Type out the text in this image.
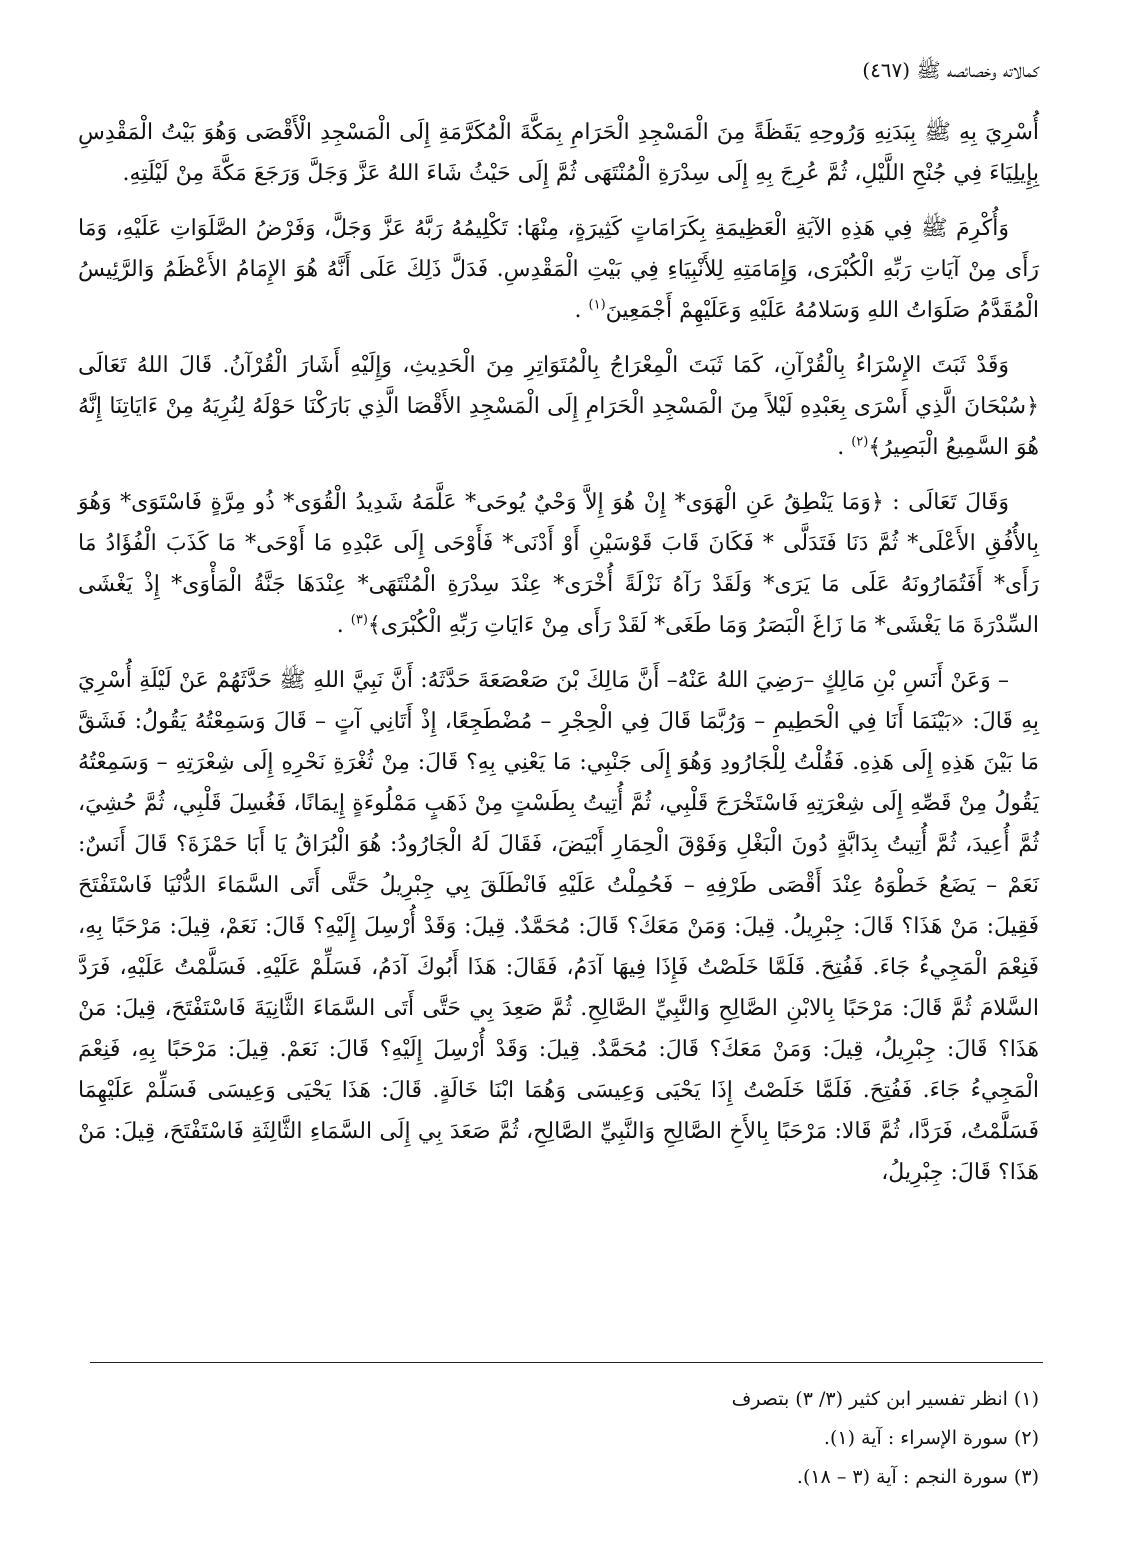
كمالاته وخصائصه ﷺ (٤٦٧)

أُسْرِيَ بِهِ ﷺ بِبَدَنِهِ وَرُوحِهِ يَقَظَةً مِنَ الْمَسْجِدِ الْحَرَامِ بِمَكَّةَ الْمُكَرَّمَةِ إِلَى الْمَسْجِدِ الْأَقْصَى وَهُوَ بَيْتُ الْمَقْدِسِ بِإِيلِيَاءَ فِي جُنْحِ اللَّيْلِ، ثُمَّ عُرِجَ بِهِ إِلَى سِدْرَةِ الْمُنْتَهَى ثُمَّ إِلَى حَيْثُ شَاءَ اللهُ عَزَّ وَجَلَّ وَرَجَعَ مَكَّةَ مِنْ لَيْلَتِهِ.

وَأُكْرِمَ ﷺ فِي هَذِهِ الآيَةِ الْعَظِيمَةِ بِكَرَامَاتٍ كَثِيرَةٍ، مِنْهَا: تَكْلِيمُهُ رَبَّهُ عَزَّ وَجَلَّ، وَفَرْضُ الصَّلَوَاتِ عَلَيْهِ، وَمَا رَأَى مِنْ آيَاتِ رَبِّهِ الْكُبْرَى، وَإِمَامَتِهِ لِلأَنْبِيَاءِ فِي بَيْتِ الْمَقْدِسِ. فَدَلَّ ذَلِكَ عَلَى أَنَّهُ هُوَ الإِمَامُ الأَعْظَمُ وَالرَّئِيسُ الْمُقَدَّمُ صَلَوَاتُ اللهِ وَسَلامُهُ عَلَيْهِ وَعَلَيْهِمْ أَجْمَعِينَ$^{(١)}$ .

وَقَدْ ثَبَتَ الإِسْرَاءُ بِالْقُرْآنِ، كَمَا ثَبَتَ الْمِعْرَاجُ بِالْمُتَوَاتِرِ مِنَ الْحَدِيثِ، وَإِلَيْهِ أَشَارَ الْقُرْآنُ. قَالَ اللهُ تَعَالَى ﴿سُبْحَانَ الَّذِي أَسْرَى بِعَبْدِهِ لَيْلاً مِنَ الْمَسْجِدِ الْحَرَامِ إِلَى الْمَسْجِدِ الأَقْصَا الَّذِي بَارَكْنَا حَوْلَهُ لِنُرِيَهُ مِنْ ءَايَاتِنَا إِنَّهُ هُوَ السَّمِيعُ الْبَصِيرُ﴾$^{(٢)}$ .

وَقَالَ تَعَالَى : ﴿وَمَا يَنْطِقُ عَنِ الْهَوَى* إِنْ هُوَ إِلاَّ وَحْيٌ يُوحَى* عَلَّمَهُ شَدِيدُ الْقُوَى* ذُو مِرَّةٍ فَاسْتَوَى* وَهُوَ بِالأُفُقِ الأَعْلَى* ثُمَّ دَنَا فَتَدَلَّى * فَكَانَ قَابَ قَوْسَيْنِ أَوْ أَدْنَى* فَأَوْحَى إِلَى عَبْدِهِ مَا أَوْحَى* مَا كَذَبَ الْفُؤَادُ مَا رَأَى* أَفَتُمَارُونَهُ عَلَى مَا يَرَى* وَلَقَدْ رَآهُ نَزْلَةً أُخْرَى* عِنْدَ سِدْرَةِ الْمُنْتَهَى* عِنْدَهَا جَنَّةُ الْمَأْوَى* إِذْ يَغْشَى السِّدْرَةَ مَا يَغْشَى* مَا زَاغَ الْبَصَرُ وَمَا طَغَى* لَقَدْ رَأَى مِنْ ءَايَاتِ رَبِّهِ الْكُبْرَى﴾$^{(٣)}$ .

– وَعَنْ أَنَسِ بْنِ مَالِكٍ –رَضِيَ اللهُ عَنْهُ– أَنَّ مَالِكَ بْنَ صَعْصَعَةَ حَدَّثَهُ: أَنَّ نَبِيَّ اللهِ ﷺ حَدَّثَهُمْ عَنْ لَيْلَةِ أُسْرِيَ بِهِ قَالَ: «بَيْنَمَا أَنَا فِي الْحَطِيمِ – وَرُبَّمَا قَالَ فِي الْحِجْرِ – مُضْطَجِعًا، إِذْ أَتَانِي آتٍ – قَالَ وَسَمِعْتُهُ يَقُولُ: فَشَقَّ مَا بَيْنَ هَذِهِ إِلَى هَذِهِ. فَقُلْتُ لِلْجَارُودِ وَهُوَ إِلَى جَنْبِي: مَا يَعْنِي بِهِ؟ قَالَ: مِنْ ثُغْرَةِ نَحْرِهِ إِلَى شِعْرَتِهِ – وَسَمِعْتُهُ يَقُولُ مِنْ قَصِّهِ إِلَى شِعْرَتِهِ فَاسْتَخْرَجَ قَلْبِي، ثُمَّ أُتِيتُ بِطَسْتٍ مِنْ ذَهَبٍ مَمْلُوءَةٍ إِيمَانًا، فَغُسِلَ قَلْبِي، ثُمَّ حُشِيَ، ثُمَّ أُعِيدَ، ثُمَّ أُتِيتُ بِدَابَّةٍ دُونَ الْبَغْلِ وَفَوْقَ الْحِمَارِ أَبْيَضَ، فَقَالَ لَهُ الْجَارُودُ: هُوَ الْبُرَاقُ يَا أَبَا حَمْزَةَ؟ قَالَ أَنَسٌ: نَعَمْ – يَضَعُ خَطْوَهُ عِنْدَ أَقْصَى طَرْفِهِ – فَحُمِلْتُ عَلَيْهِ فَانْطَلَقَ بِي جِبْرِيلُ حَتَّى أَتَى السَّمَاءَ الدُّنْيَا فَاسْتَفْتَحَ فَقِيلَ: مَنْ هَذَا؟ قَالَ: جِبْرِيلُ. قِيلَ: وَمَنْ مَعَكَ؟ قَالَ: مُحَمَّدٌ. قِيلَ: وَقَدْ أُرْسِلَ إِلَيْهِ؟ قَالَ: نَعَمْ، قِيلَ: مَرْحَبًا بِهِ، فَنِعْمَ الْمَجِيءُ جَاءَ. فَفُتِحَ. فَلَمَّا خَلَصْتُ فَإِذَا فِيهَا آدَمُ، فَقَالَ: هَذَا أَبُوكَ آدَمُ، فَسَلِّمْ عَلَيْهِ. فَسَلَّمْتُ عَلَيْهِ، فَرَدَّ السَّلامَ ثُمَّ قَالَ: مَرْحَبًا بِالابْنِ الصَّالِحِ وَالنَّبِيِّ الصَّالِحِ. ثُمَّ صَعِدَ بِي حَتَّى أَتَى السَّمَاءَ الثَّانِيَةَ فَاسْتَفْتَحَ، قِيلَ: مَنْ هَذَا؟ قَالَ: جِبْرِيلُ، قِيلَ: وَمَنْ مَعَكَ؟ قَالَ: مُحَمَّدٌ. قِيلَ: وَقَدْ أُرْسِلَ إِلَيْهِ؟ قَالَ: نَعَمْ. قِيلَ: مَرْحَبًا بِهِ، فَنِعْمَ الْمَجِيءُ جَاءَ. فَفُتِحَ. فَلَمَّا خَلَصْتُ إِذَا يَحْيَى وَعِيسَى وَهُمَا ابْنَا خَالَةٍ. قَالَ: هَذَا يَحْيَى وَعِيسَى فَسَلِّمْ عَلَيْهِمَا فَسَلَّمْتُ، فَرَدَّا، ثُمَّ قَالا: مَرْحَبًا بِالأَخِ الصَّالِحِ وَالنَّبِيِّ الصَّالِحِ، ثُمَّ صَعَدَ بِي إِلَى السَّمَاءِ الثَّالِثَةِ فَاسْتَفْتَحَ، قِيلَ: مَنْ هَذَا؟ قَالَ: جِبْرِيلُ،

(١) انظر تفسير ابن كثير (٣/ ٣) بتصرف
(٢) سورة الإسراء : آية (١).
(٣) سورة النجم : آية (٣ – ١٨).
